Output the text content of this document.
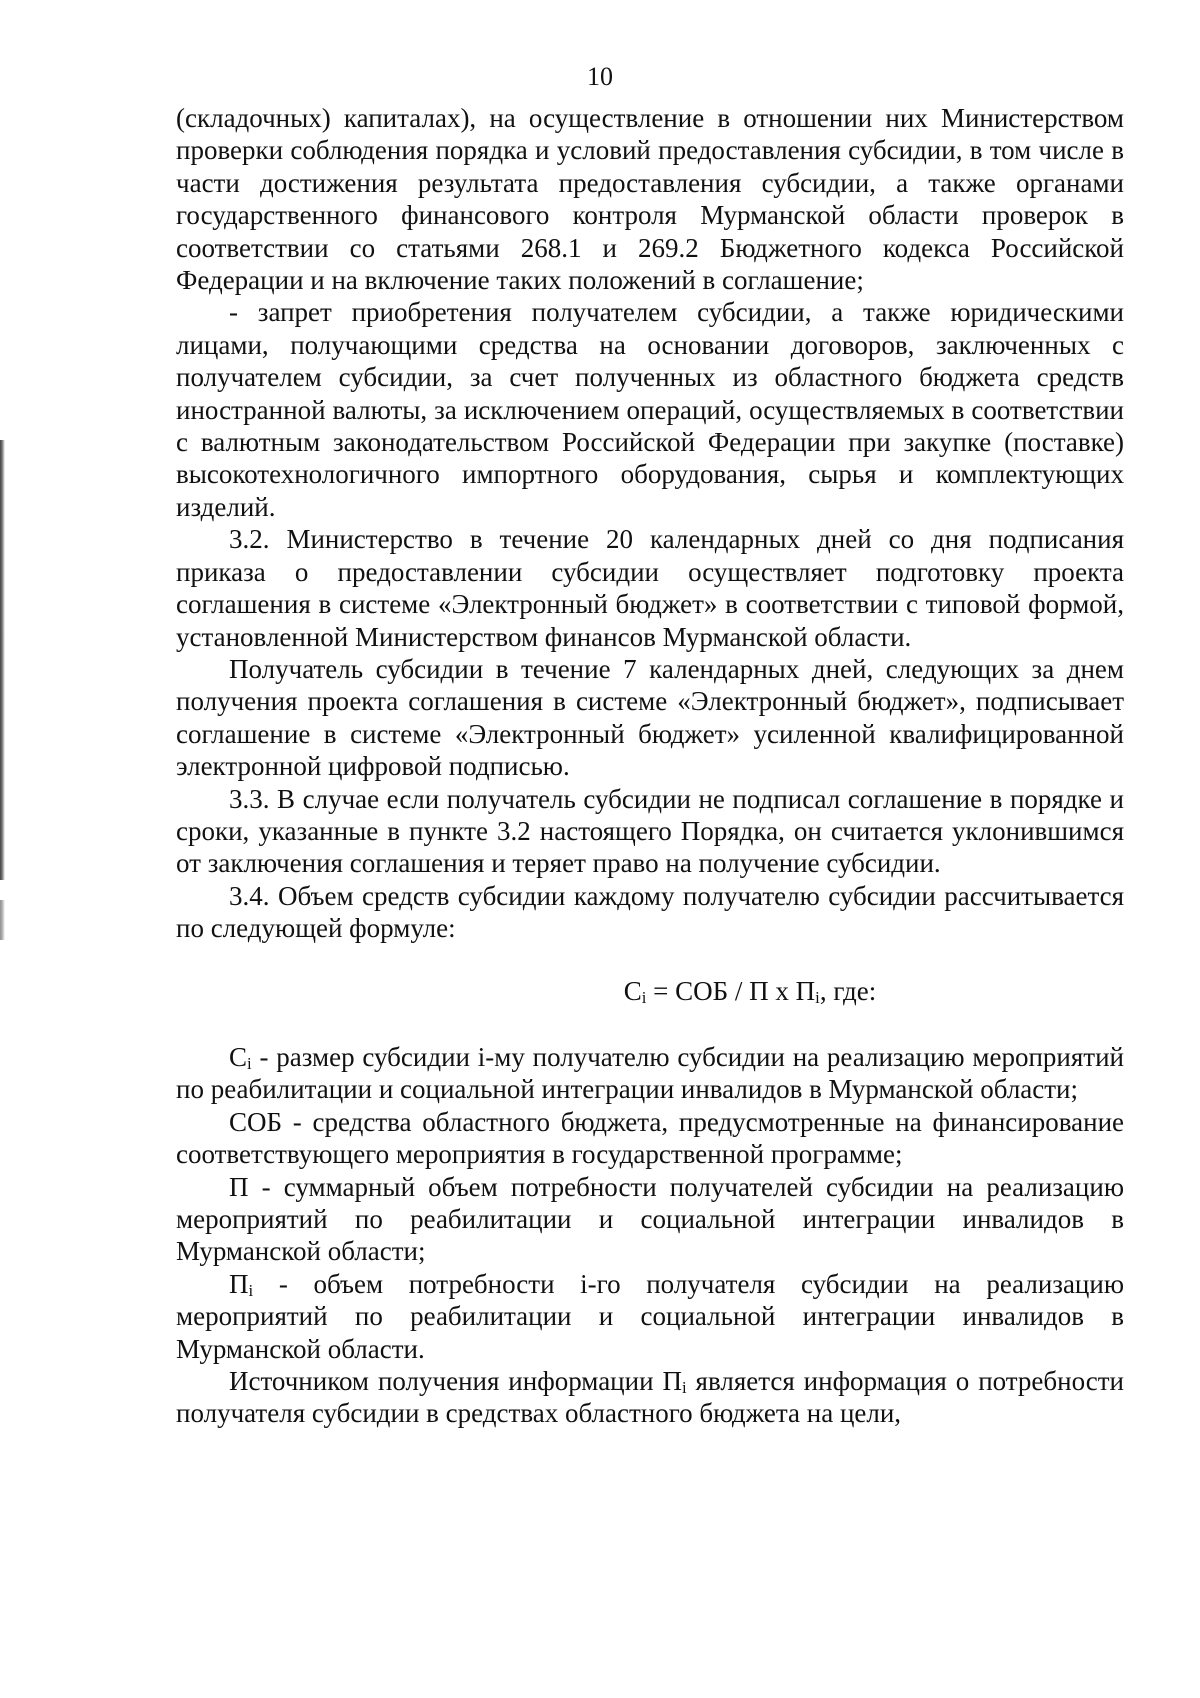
10

(складочных) капиталах), на осуществление в отношении них Министерством проверки соблюдения порядка и условий предоставления субсидии, в том числе в части достижения результата предоставления субсидии, а также органами государственного финансового контроля Мурманской области проверок в соответствии со статьями 268.1 и 269.2 Бюджетного кодекса Российской Федерации и на включение таких положений в соглашение;

- запрет приобретения получателем субсидии, а также юридическими лицами, получающими средства на основании договоров, заключенных с получателем субсидии, за счет полученных из областного бюджета средств иностранной валюты, за исключением операций, осуществляемых в соответствии с валютным законодательством Российской Федерации при закупке (поставке) высокотехнологичного импортного оборудования, сырья и комплектующих изделий.

3.2. Министерство в течение 20 календарных дней со дня подписания приказа о предоставлении субсидии осуществляет подготовку проекта соглашения в системе «Электронный бюджет» в соответствии с типовой формой, установленной Министерством финансов Мурманской области.

Получатель субсидии в течение 7 календарных дней, следующих за днем получения проекта соглашения в системе «Электронный бюджет», подписывает соглашение в системе «Электронный бюджет» усиленной квалифицированной электронной цифровой подписью.

3.3. В случае если получатель субсидии не подписал соглашение в порядке и сроки, указанные в пункте 3.2 настоящего Порядка, он считается уклонившимся от заключения соглашения и теряет право на получение субсидии.

3.4. Объем средств субсидии каждому получателю субсидии рассчитывается по следующей формуле:

$С_i$ = СОБ / П х $П_i$, где:

$С_i$ - размер субсидии i-му получателю субсидии на реализацию мероприятий по реабилитации и социальной интеграции инвалидов в Мурманской области;

СОБ - средства областного бюджета, предусмотренные на финансирование соответствующего мероприятия в государственной программе;

П - суммарный объем потребности получателей субсидии на реализацию мероприятий по реабилитации и социальной интеграции инвалидов в Мурманской области;

$П_i$ - объем потребности i-го получателя субсидии на реализацию мероприятий по реабилитации и социальной интеграции инвалидов в Мурманской области.

Источником получения информации $П_i$ является информация о потребности получателя субсидии в средствах областного бюджета на цели,
